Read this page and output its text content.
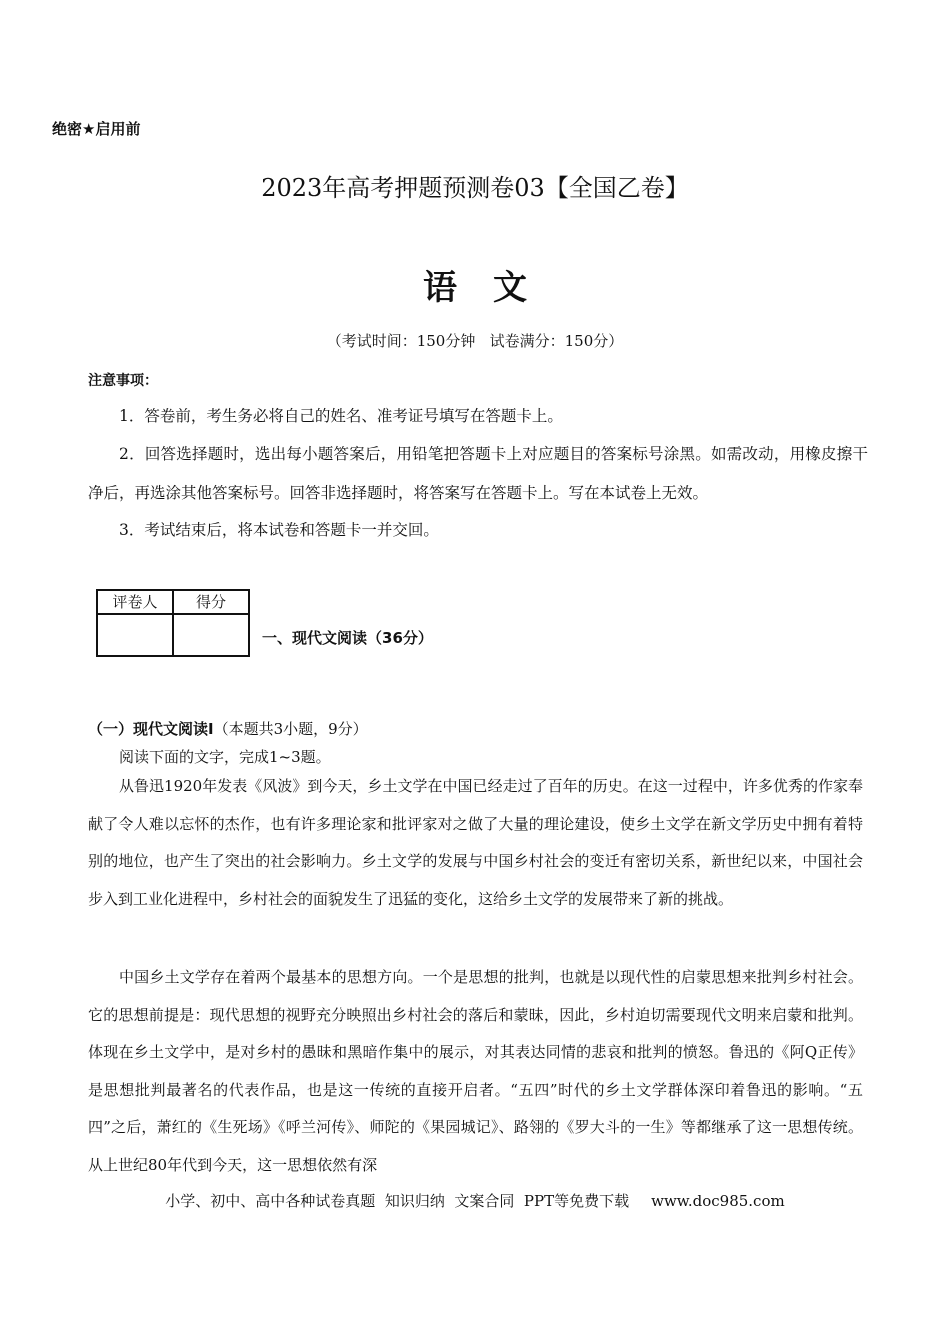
绝密★启用前
2023年高考押题预测卷03【全国乙卷】
语 文
（考试时间：150分钟   试卷满分：150分）
注意事项：
1．答卷前，考生务必将自己的姓名、准考证号填写在答题卡上。
2．回答选择题时，选出每小题答案后，用铅笔把答题卡上对应题目的答案标号涂黑。如需改动，用橡皮擦干净后，再选涂其他答案标号。回答非选择题时，将答案写在答题卡上。写在本试卷上无效。
3．考试结束后，将本试卷和答题卡一并交回。
评卷人	得分

一、现代文阅读（36分）
（一）现代文阅读I（本题共3小题，9分）
阅读下面的文字，完成1~3题。
从鲁迅1920年发表《风波》到今天，乡土文学在中国已经走过了百年的历史。在这一过程中，许多优秀的作家奉献了令人难以忘怀的杰作，也有许多理论家和批评家对之做了大量的理论建设，使乡土文学在新文学历史中拥有着特别的地位，也产生了突出的社会影响力。乡土文学的发展与中国乡村社会的变迁有密切关系，新世纪以来，中国社会步入到工业化进程中，乡村社会的面貌发生了迅猛的变化，这给乡土文学的发展带来了新的挑战。
中国乡土文学存在着两个最基本的思想方向。一个是思想的批判，也就是以现代性的启蒙思想来批判乡村社会。它的思想前提是：现代思想的视野充分映照出乡村社会的落后和蒙昧，因此，乡村迫切需要现代文明来启蒙和批判。体现在乡土文学中，是对乡村的愚昧和黑暗作集中的展示，对其表达同情的悲哀和批判的愤怒。鲁迅的《阿Q正传》是思想批判最著名的代表作品，也是这一传统的直接开启者。“五四”时代的乡土文学群体深印着鲁迅的影响。“五四”之后，萧红的《生死场》《呼兰河传》、师陀的《果园城记》、路翎的《罗大斗的一生》等都继承了这一思想传统。从上世纪80年代到今天，这一思想依然有深
小学、初中、高中各种试卷真题  知识归纳  文案合同  PPT等免费下载 www.doc985.com
